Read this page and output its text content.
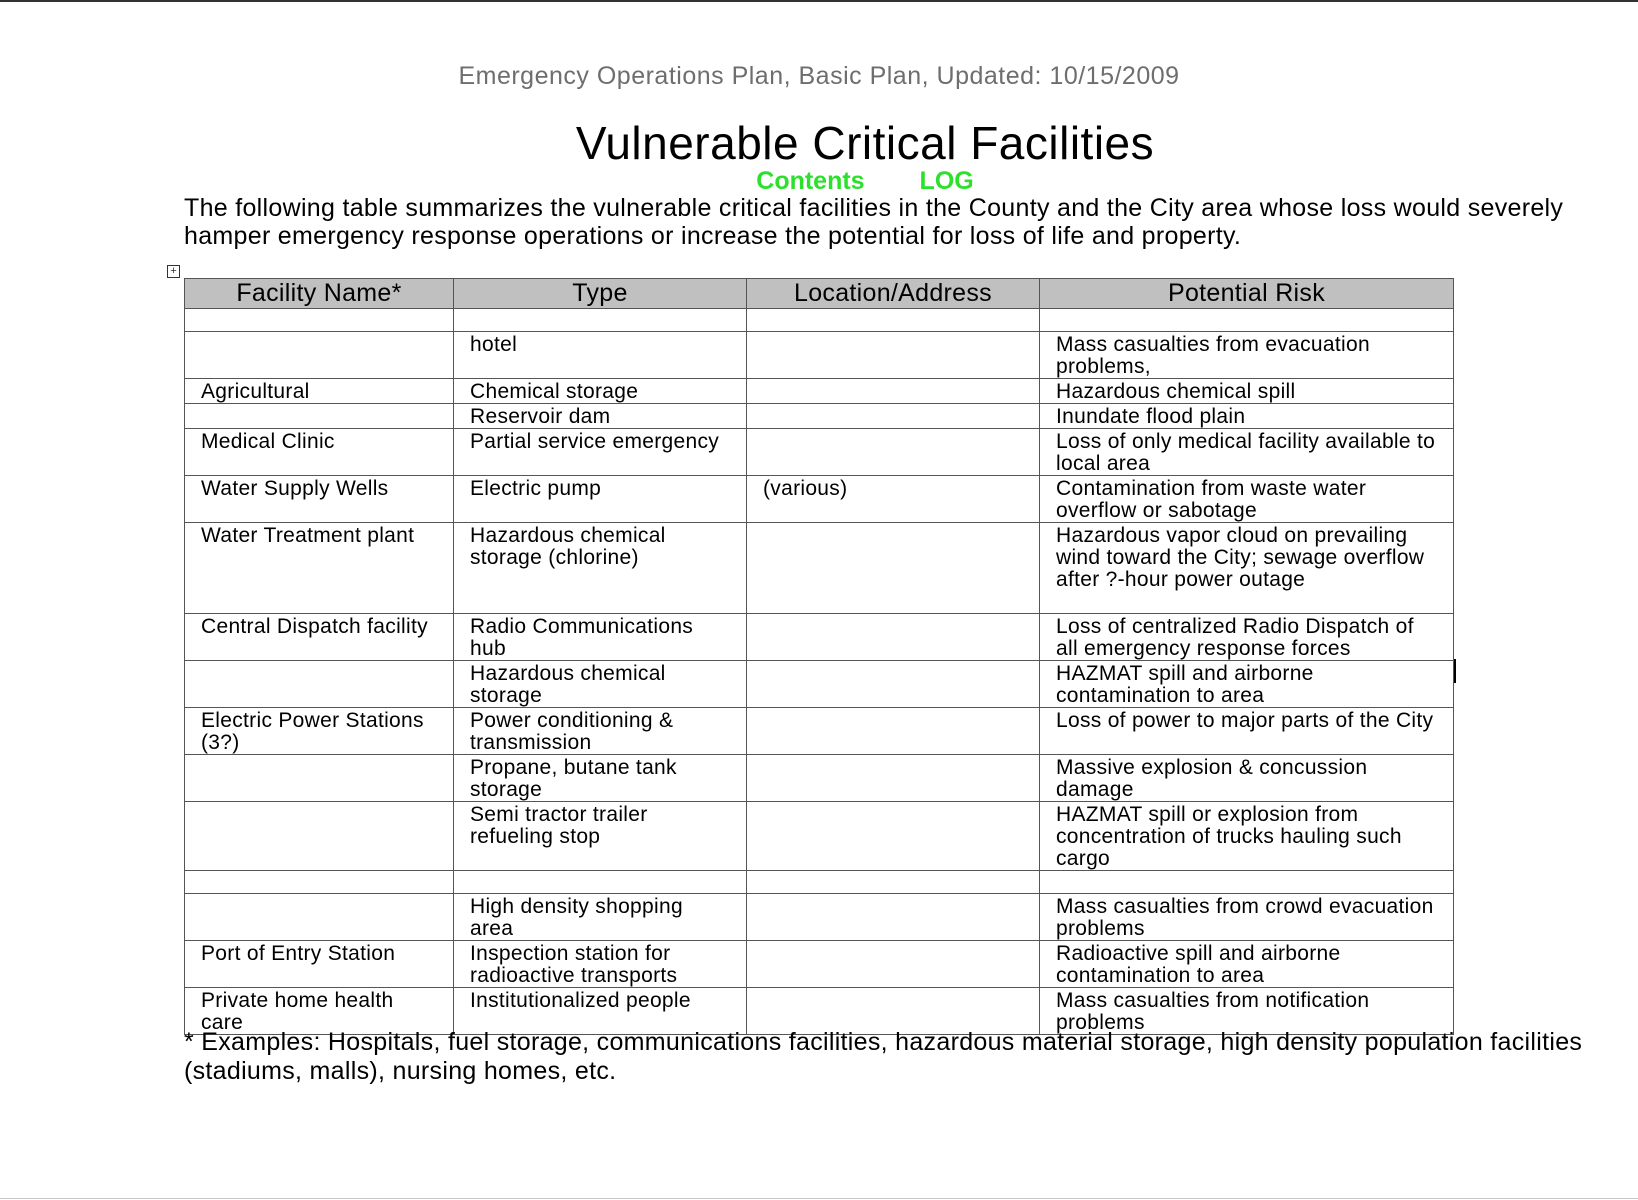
Emergency Operations Plan, Basic Plan, Updated: 10/15/2009
Vulnerable Critical Facilities
Contents LOG
The following table summarizes the vulnerable critical facilities in the County and the City area whose loss would severely hamper emergency response operations or increase the potential for loss of life and property.
+
Facility Name*	Type	Location/Address	Potential Risk

	hotel		Mass casualties from evacuation problems,
Agricultural	Chemical storage		Hazardous chemical spill
	Reservoir dam		Inundate flood plain
Medical Clinic	Partial service emergency		Loss of only medical facility available to local area
Water Supply Wells	Electric pump	(various)	Contamination from waste water overflow or sabotage
Water Treatment plant	Hazardous chemical storage (chlorine)		Hazardous vapor cloud on prevailing wind toward the City; sewage overflow after ?-hour power outage
Central Dispatch facility	Radio Communications hub		Loss of centralized Radio Dispatch of all emergency response forces
	Hazardous chemical storage		HAZMAT spill and airborne contamination to area
Electric Power Stations (3?)	Power conditioning & transmission		Loss of power to major parts of the City
	Propane, butane tank storage		Massive explosion & concussion damage
	Semi tractor trailer refueling stop		HAZMAT spill or explosion from concentration of trucks hauling such cargo

	High density shopping area		Mass casualties from crowd evacuation problems
Port of Entry Station	Inspection station for radioactive transports		Radioactive spill and airborne contamination to area
Private home health care	Institutionalized people		Mass casualties from notification problems
* Examples: Hospitals, fuel storage, communications facilities, hazardous material storage, high density population facilities (stadiums, malls), nursing homes, etc.
